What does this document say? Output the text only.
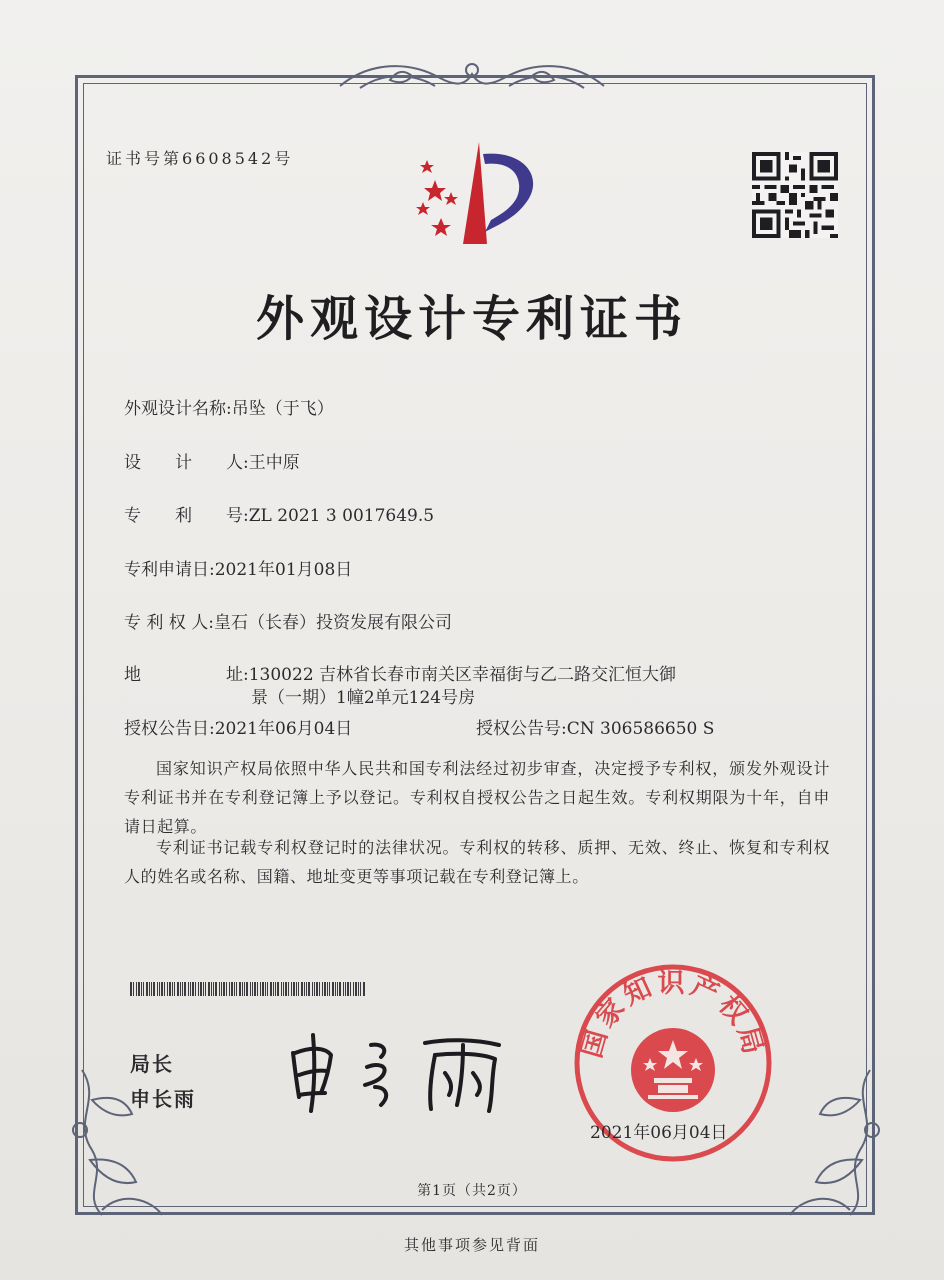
证书号第6608542号
外观设计专利证书
外观设计名称:吊坠（于飞）
设　　计　　人:王中原
专　　利　　号:ZL 2021 3 0017649.5
专利申请日:2021年01月08日
专 利 权 人:皇石（长春）投资发展有限公司
地　　　　　址:130022 吉林省长春市南关区幸福街与乙二路交汇恒大御
景（一期）1幢2单元124号房
授权公告日:2021年06月04日	授权公告号:CN 306586650 S
国家知识产权局依照中华人民共和国专利法经过初步审查，决定授予专利权，颁发外观设计专利证书并在专利登记簿上予以登记。专利权自授权公告之日起生效。专利权期限为十年，自申请日起算。
专利证书记载专利权登记时的法律状况。专利权的转移、质押、无效、终止、恢复和专利权人的姓名或名称、国籍、地址变更等事项记载在专利登记簿上。
局长
申长雨
国家知识产权局
2021年06月04日
第1页（共2页）
其他事项参见背面
